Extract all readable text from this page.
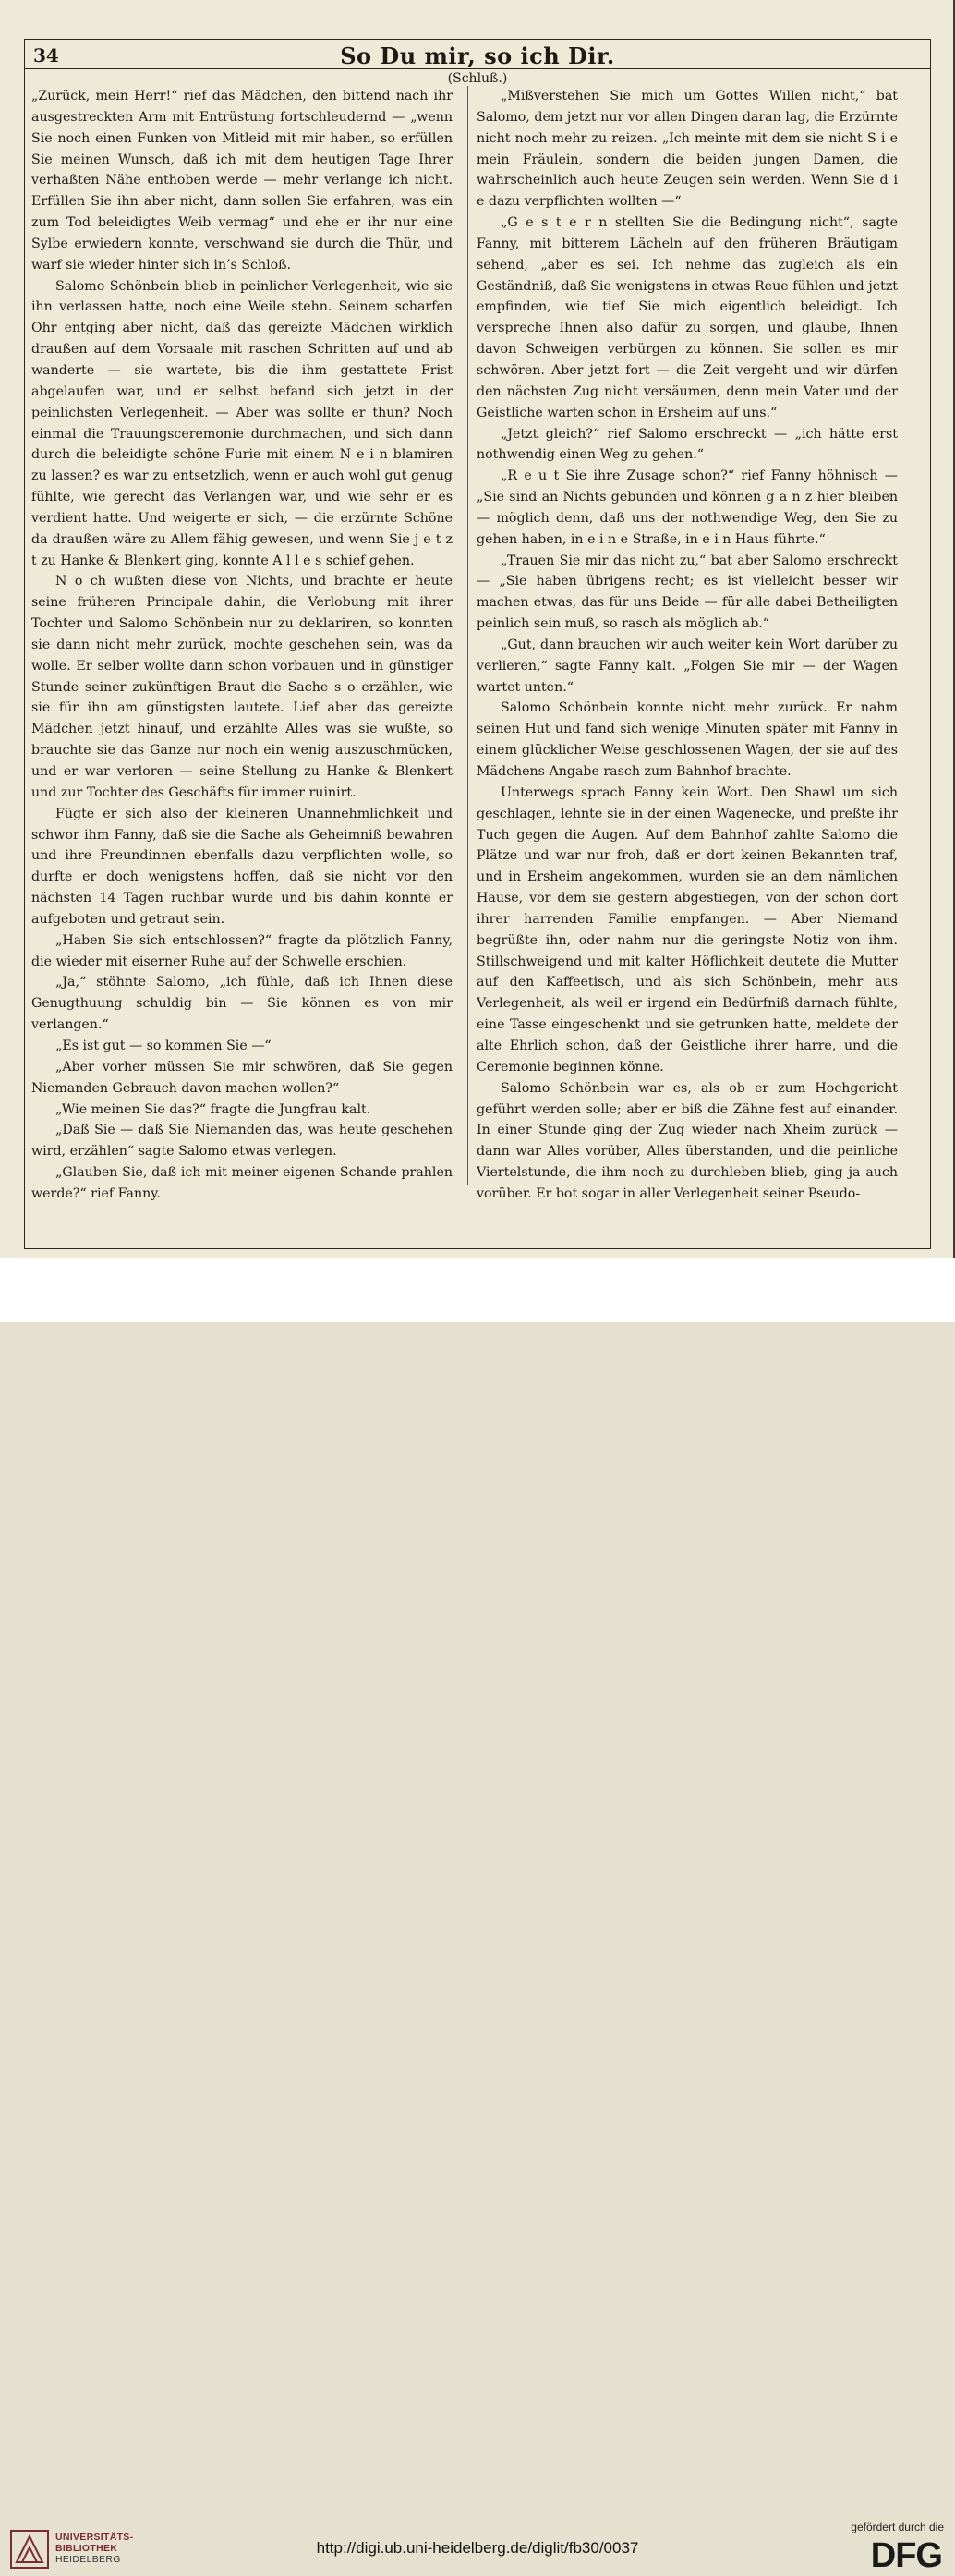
34	So Du mir, so ich Dir.
(Schluß.)

„Zurück, mein Herr!“ rief das Mädchen, den bittend nach ihr ausgestreckten Arm mit Entrüstung fortschleudernd — „wenn Sie noch einen Funken von Mitleid mit mir haben, so erfüllen Sie meinen Wunsch, daß ich mit dem heutigen Tage Ihrer verhaßten Nähe enthoben werde — mehr verlange ich nicht. Erfüllen Sie ihn aber nicht, dann sollen Sie erfahren, was ein zum Tod beleidigtes Weib vermag“ und ehe er ihr nur eine Sylbe erwiedern konnte, verschwand sie durch die Thür, und warf sie wieder hinter sich in’s Schloß.

Salomo Schönbein blieb in peinlicher Verlegenheit, wie sie ihn verlassen hatte, noch eine Weile stehn. Seinem scharfen Ohr entging aber nicht, daß das gereizte Mädchen wirklich draußen auf dem Vorsaale mit raschen Schritten auf und ab wanderte — sie wartete, bis die ihm gestattete Frist abgelaufen war, und er selbst befand sich jetzt in der peinlichsten Verlegenheit. — Aber was sollte er thun? Noch einmal die Trauungsceremonie durchmachen, und sich dann durch die beleidigte schöne Furie mit einem N e i n blamiren zu lassen? es war zu entsetzlich, wenn er auch wohl gut genug fühlte, wie gerecht das Verlangen war, und wie sehr er es verdient hatte. Und weigerte er sich, — die erzürnte Schöne da draußen wäre zu Allem fähig gewesen, und wenn Sie j e t z t zu Hanke & Blenkert ging, konnte A l l e s schief gehen.

N o ch wußten diese von Nichts, und brachte er heute seine früheren Principale dahin, die Verlobung mit ihrer Tochter und Salomo Schönbein nur zu deklariren, so konnten sie dann nicht mehr zurück, mochte geschehen sein, was da wolle. Er selber wollte dann schon vorbauen und in günstiger Stunde seiner zukünftigen Braut die Sache s o erzählen, wie sie für ihn am günstigsten lautete. Lief aber das gereizte Mädchen jetzt hinauf, und erzählte Alles was sie wußte, so brauchte sie das Ganze nur noch ein wenig auszuschmücken, und er war verloren — seine Stellung zu Hanke & Blenkert und zur Tochter des Geschäfts für immer ruinirt.

Fügte er sich also der kleineren Unannehmlichkeit und schwor ihm Fanny, daß sie die Sache als Geheimniß bewahren und ihre Freundinnen ebenfalls dazu verpflichten wolle, so durfte er doch wenigstens hoffen, daß sie nicht vor den nächsten 14 Tagen ruchbar wurde und bis dahin konnte er aufgeboten und getraut sein.

„Haben Sie sich entschlossen?“ fragte da plötzlich Fanny, die wieder mit eiserner Ruhe auf der Schwelle erschien.

„Ja,“ stöhnte Salomo, „ich fühle, daß ich Ihnen diese Genugthuung schuldig bin — Sie können es von mir verlangen.“

„Es ist gut — so kommen Sie —“

„Aber vorher müssen Sie mir schwören, daß Sie gegen Niemanden Gebrauch davon machen wollen?“

„Wie meinen Sie das?“ fragte die Jungfrau kalt.

„Daß Sie — daß Sie Niemanden das, was heute geschehen wird, erzählen“ sagte Salomo etwas verlegen.

„Glauben Sie, daß ich mit meiner eigenen Schande prahlen werde?“ rief Fanny.

„Mißverstehen Sie mich um Gottes Willen nicht,“ bat Salomo, dem jetzt nur vor allen Dingen daran lag, die Erzürnte nicht noch mehr zu reizen. „Ich meinte mit dem sie nicht S i e mein Fräulein, sondern die beiden jungen Damen, die wahrscheinlich auch heute Zeugen sein werden. Wenn Sie d i e dazu verpflichten wollten —“

„G e s t e r n stellten Sie die Bedingung nicht“, sagte Fanny, mit bitterem Lächeln auf den früheren Bräutigam sehend, „aber es sei. Ich nehme das zugleich als ein Geständniß, daß Sie wenigstens in etwas Reue fühlen und jetzt empfinden, wie tief Sie mich eigentlich beleidigt. Ich verspreche Ihnen also dafür zu sorgen, und glaube, Ihnen davon Schweigen verbürgen zu können. Sie sollen es mir schwören. Aber jetzt fort — die Zeit vergeht und wir dürfen den nächsten Zug nicht versäumen, denn mein Vater und der Geistliche warten schon in Ersheim auf uns.“

„Jetzt gleich?“ rief Salomo erschreckt — „ich hätte erst nothwendig einen Weg zu gehen.“

„R e u t Sie ihre Zusage schon?“ rief Fanny höhnisch — „Sie sind an Nichts gebunden und können g a n z hier bleiben — möglich denn, daß uns der nothwendige Weg, den Sie zu gehen haben, in e i n e Straße, in e i n Haus führte.“

„Trauen Sie mir das nicht zu,“ bat aber Salomo erschreckt — „Sie haben übrigens recht; es ist vielleicht besser wir machen etwas, das für uns Beide — für alle dabei Betheiligten peinlich sein muß, so rasch als möglich ab.“

„Gut, dann brauchen wir auch weiter kein Wort darüber zu verlieren,“ sagte Fanny kalt. „Folgen Sie mir — der Wagen wartet unten.“

Salomo Schönbein konnte nicht mehr zurück. Er nahm seinen Hut und fand sich wenige Minuten später mit Fanny in einem glücklicher Weise geschlossenen Wagen, der sie auf des Mädchens Angabe rasch zum Bahnhof brachte.

Unterwegs sprach Fanny kein Wort. Den Shawl um sich geschlagen, lehnte sie in der einen Wagenecke, und preßte ihr Tuch gegen die Augen. Auf dem Bahnhof zahlte Salomo die Plätze und war nur froh, daß er dort keinen Bekannten traf, und in Ersheim angekommen, wurden sie an dem nämlichen Hause, vor dem sie gestern abgestiegen, von der schon dort ihrer harrenden Familie empfangen. — Aber Niemand begrüßte ihn, oder nahm nur die geringste Notiz von ihm. Stillschweigend und mit kalter Höflichkeit deutete die Mutter auf den Kaffeetisch, und als sich Schönbein, mehr aus Verlegenheit, als weil er irgend ein Bedürfniß darnach fühlte, eine Tasse eingeschenkt und sie getrunken hatte, meldete der alte Ehrlich schon, daß der Geistliche ihrer harre, und die Ceremonie beginnen könne.

Salomo Schönbein war es, als ob er zum Hochgericht geführt werden solle; aber er biß die Zähne fest auf einander. In einer Stunde ging der Zug wieder nach Xheim zurück — dann war Alles vorüber, Alles überstanden, und die peinliche Viertelstunde, die ihm noch zu durchleben blieb, ging ja auch vorüber. Er bot sogar in aller Verlegenheit seiner Pseudo-

UNIVERSITÄTS-
BIBLIOTHEK
HEIDELBERG
http://digi.ub.uni-heidelberg.de/diglit/fb30/0037
gefördert durch die
DFG
